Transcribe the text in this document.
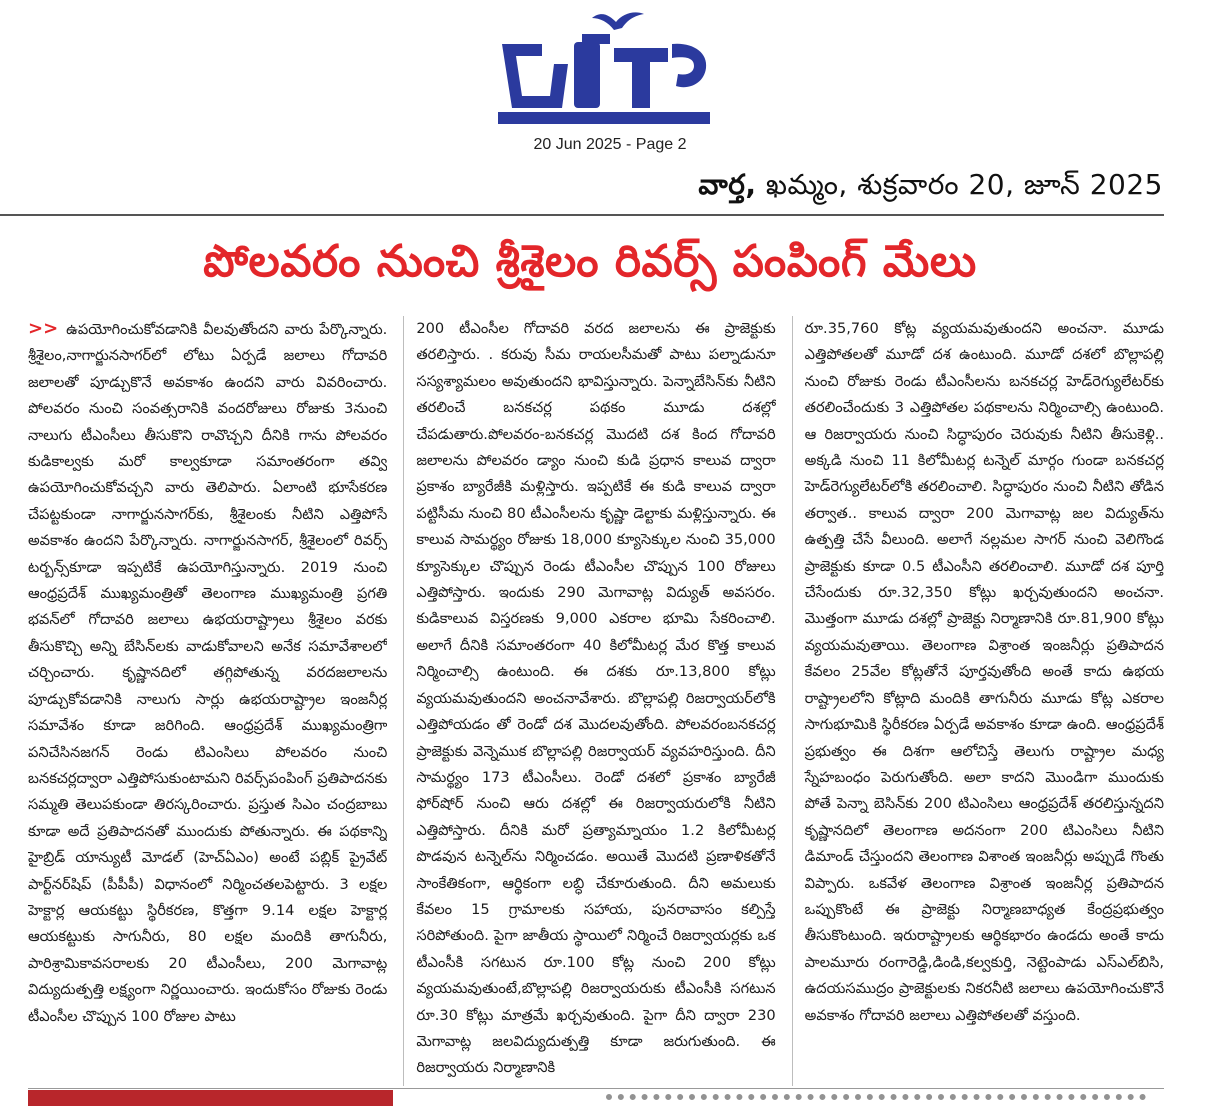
20 Jun 2025 - Page 2
వార్త, ఖమ్మం, శుక్రవారం 20, జూన్ 2025
పోలవరం నుంచి శ్రీశైలం రివర్స్ పంపింగ్ మేలు
>> ఉపయోగించుకోవడానికి వీలవుతోందని వారు పేర్కొన్నారు. శ్రీశైలం,నాగార్జునసాగర్‌లో లోటు ఏర్పడే జలాలు గోదావరి జలాలతో పూడ్చుకొనే అవకాశం ఉందని వారు వివరించారు. పోలవరం నుంచి సంవత్సరానికి వందరోజులు రోజుకు 3నుంచి నాలుగు టీఎంసీలు తీసుకొని రావొచ్చని దీనికి గాను పోలవరం కుడికాల్వకు మరో కాల్వకూడా సమాంతరంగా తవ్వి ఉపయోగించుకోవచ్చని వారు తెలిపారు. ఏలాంటి భూసేకరణ చేపట్టకుండా నాగార్జునసాగర్‌కు, శ్రీశైలంకు నీటిని ఎత్తిపోసే అవకాశం ఉందని పేర్కొన్నారు. నాగార్జునసాగర్, శ్రీశైలంలో రివర్స్ టర్బన్స్‌కూడా ఇప్పటికే ఉపయోగిస్తున్నారు. 2019 నుంచి ఆంధ్రప్రదేశ్ ముఖ్యమంత్రితో తెలంగాణ ముఖ్యమంత్రి ప్రగతి భవన్‌లో గోదావరి జలాలు ఉభయరాష్ట్రాలు శ్రీశైలం వరకు తీసుకొచ్చి అన్ని బేసిన్‌లకు వాడుకోవాలని అనేక సమావేశాలలో చర్చించారు. కృష్ణానదిలో తగ్గిపోతున్న వరదజలాలను పూడ్చుకోవడానికి నాలుగు సార్లు ఉభయరాష్ట్రాల ఇంజనీర్ల సమావేశం కూడా జరిగింది. ఆంధ్రప్రదేశ్ ముఖ్యమంత్రిగా పనిచేసినజగన్ రెండు టిఎంసిలు పోలవరం నుంచి బనకచర్లద్వారా ఎత్తిపోసుకుంటామని రివర్స్‌పంపింగ్ ప్రతిపాదనకు సమ్మతి తెలుపకుండా తిరస్కరించారు. ప్రస్తుత సిఎం చంద్రబాబు కూడా అదే ప్రతిపాదనతో ముందుకు పోతున్నారు. ఈ పథకాన్ని హైబ్రిడ్ యాన్యుటీ మోడల్ (హెచ్ఏఎం) అంటే పబ్లిక్ ప్రైవేట్ పార్ట్‌నర్‌షిప్ (పీపీపీ) విధానంలో నిర్మించతలపెట్టారు. 3 లక్షల హెక్టార్ల ఆయకట్టు స్థిరీకరణ, కొత్తగా 9.14 లక్షల హెక్టార్ల ఆయకట్టుకు సాగునీరు, 80 లక్షల మందికి తాగునీరు, పారిశ్రామికావసరాలకు 20 టీఎంసీలు, 200 మెగావాట్ల విద్యుదుత్పత్తి లక్ష్యంగా నిర్ణయించారు. ఇందుకోసం రోజుకు రెండు టీఎంసీల చొప్పున 100 రోజుల పాటు
200 టీఎంసీల గోదావరి వరద జలాలను ఈ ప్రాజెక్టుకు తరలిస్తారు. . కరువు సీమ రాయలసీమతో పాటు పల్నాడునూ సస్యశ్యామలం అవుతుందని భావిస్తున్నారు. పెన్నాబేసిన్‌కు నీటిని తరలించే బనకచర్ల పథకం మూడు దశల్లో చేపడుతారు.పోలవరం-బనకచర్ల మొదటి దశ కింద గోదావరి జలాలను పోలవరం డ్యాం నుంచి కుడి ప్రధాన కాలువ ద్వారా ప్రకాశం బ్యారేజీకి మళ్లిస్తారు. ఇప్పటికే ఈ కుడి కాలువ ద్వారా పట్టిసీమ నుంచి 80 టీఎంసీలను కృష్ణా డెల్టాకు మళ్లిస్తున్నారు. ఈ కాలువ సామర్థ్యం రోజుకు 18,000 క్యూసెక్కుల నుంచి 35,000 క్యూసెక్కుల చొప్పున రెండు టీఎంసీల చొప్పున 100 రోజులు ఎత్తిపోస్తారు. ఇందుకు 290 మెగావాట్ల విద్యుత్ అవసరం. కుడికాలువ విస్తరణకు 9,000 ఎకరాల భూమి సేకరించాలి. అలాగే దీనికి సమాంతరంగా 40 కిలోమీటర్ల మేర కొత్త కాలువ నిర్మించాల్సి ఉంటుంది. ఈ దశకు రూ.13,800 కోట్లు వ్యయమవుతుందని అంచనావేశారు. బొల్లాపల్లి రిజర్వాయర్‌లోకి ఎత్తిపోయడం తో రెండో దశ మొదలవుతోంది. పోలవరంబనకచర్ల ప్రాజెక్టుకు వెన్నెముక బొల్లాపల్లి రిజర్వాయర్ వ్యవహరిస్తుంది. దీని సామర్థ్యం 173 టీఎంసీలు. రెండో దశలో ప్రకాశం బ్యారేజీ ఫోర్‌షోర్ నుంచి ఆరు దశల్లో ఈ రిజర్వాయరులోకి నీటిని ఎత్తిపోస్తారు. దీనికి మరో ప్రత్యామ్నాయం 1.2 కిలోమీటర్ల పొడవున టన్నెల్‌ను నిర్మించడం. అయితే మొదటి ప్రణాళికతోనే సాంకేతికంగా, ఆర్థికంగా లబ్ధి చేకూరుతుంది. దీని అమలుకు కేవలం 15 గ్రామాలకు సహాయ, పునరావాసం కల్పిస్తే సరిపోతుంది. పైగా జాతీయ స్థాయిలో నిర్మించే రిజర్వాయర్లకు ఒక టీఎంసీకి సగటున రూ.100 కోట్ల నుంచి 200 కోట్లు వ్యయమవుతుంటే,బొల్లాపల్లి రిజర్వాయరుకు టీఎంసీకి సగటున రూ.30 కోట్లు మాత్రమే ఖర్చవుతుంది. పైగా దీని ద్వారా 230 మెగావాట్ల జలవిద్యుదుత్పత్తి కూడా జరుగుతుంది. ఈ రిజర్వాయరు నిర్మాణానికి
రూ.35,760 కోట్ల వ్యయమవుతుందని అంచనా. మూడు ఎత్తిపోతలతో మూడో దశ ఉంటుంది. మూడో దశలో బొల్లాపల్లి నుంచి రోజుకు రెండు టీఎంసీలను బనకచర్ల హెడ్‌రెగ్యులేటర్‌కు తరలించేందుకు 3 ఎత్తిపోతల పథకాలను నిర్మించాల్సి ఉంటుంది. ఆ రిజర్వాయరు నుంచి సిద్ధాపురం చెరువుకు నీటిని తీసుకెళ్లి.. అక్కడి నుంచి 11 కిలోమీటర్ల టన్నెల్ మార్గం గుండా బనకచర్ల హెడ్‌రెగ్యులేటర్‌లోకి తరలించాలి. సిద్ధాపురం నుంచి నీటిని తోడిన తర్వాత.. కాలువ ద్వారా 200 మెగావాట్ల జల విద్యుత్‌ను ఉత్పత్తి చేసే వీలుంది. అలాగే నల్లమల సాగర్ నుంచి వెలిగొండ ప్రాజెక్టుకు కూడా 0.5 టీఎంసీని తరలించాలి. మూడో దశ పూర్తి చేసేందుకు రూ.32,350 కోట్లు ఖర్చవుతుందని అంచనా. మొత్తంగా మూడు దశల్లో ప్రాజెక్టు నిర్మాణానికి రూ.81,900 కోట్లు వ్యయమవుతాయి. తెలంగాణ విశ్రాంత ఇంజనీర్లు ప్రతిపాదన కేవలం 25వేల కోట్లతోనే పూర్తవుతోంది అంతే కాదు ఉభయ రాష్ట్రాలలోని కోట్లాది మందికి తాగునీరు మూడు కోట్ల ఎకరాల సాగుభూమికి స్థిరీకరణ ఏర్పడే అవకాశం కూడా ఉంది. ఆంధ్రప్రదేశ్ ప్రభుత్వం ఈ దిశగా ఆలోచిస్తే తెలుగు రాష్ట్రాల మధ్య స్నేహబంధం పెరుగుతోంది. అలా కాదని మొండిగా ముందుకు పోతే పెన్నా బెసిన్‌కు 200 టిఎంసిలు ఆంధ్రప్రదేశ్ తరలిస్తున్నదని కృష్ణానదిలో తెలంగాణ అదనంగా 200 టిఎంసిలు నీటిని డిమాండ్ చేస్తుందని తెలంగాణ విశాంత ఇంజనీర్లు అప్పుడే గొంతు విప్పారు. ఒకవేళ తెలంగాణ విశ్రాంత ఇంజనీర్ల ప్రతిపాదన ఒప్పుకొంటే ఈ ప్రాజెక్టు నిర్మాణబాధ్యత కేంద్రప్రభుత్వం తీసుకొంటుంది. ఇరురాష్ట్రాలకు ఆర్థికభారం ఉండదు అంతే కాదు పాలమూరు రంగారెడ్డి,డిండి,కల్వకుర్తి, నెట్టెంపాడు ఎస్ఎల్‌బిసి, ఉదయసముద్రం ప్రాజెక్టులకు నికరనీటి జలాలు ఉపయోగించుకొనే అవకాశం గోదావరి జలాలు ఎత్తిపోతలతో వస్తుంది.
